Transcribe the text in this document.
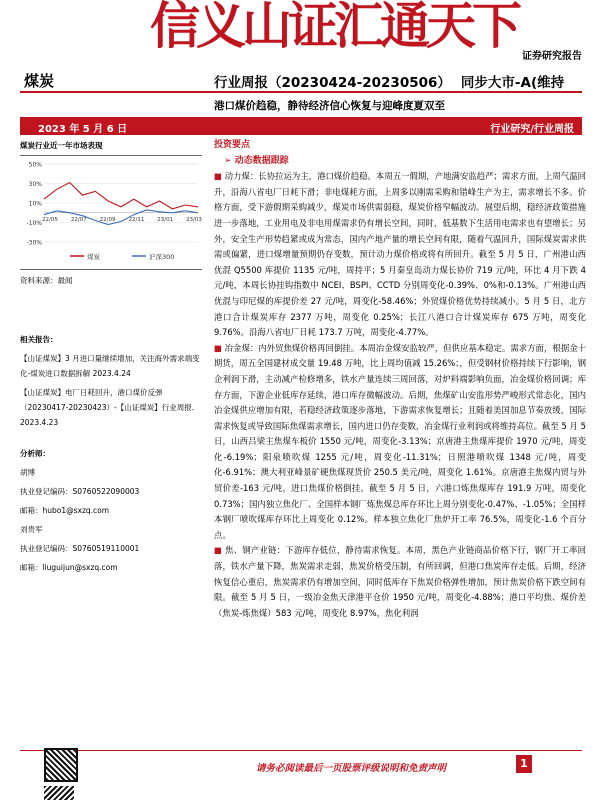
信义山证汇通天下
证券研究报告
煤炭	行业周报（20230424-20230506） 同步大市-A(维持
港口煤价趋稳，静待经济信心恢复与迎峰度夏双至
2023 年 5 月 6 日	行业研究/行业周报
煤炭行业近一年市场表现
50%
30%
10%
-10%
-30%
22/05 22/07 22/09 22/11 23/01 23/03
煤炭	沪深300
资料来源：最闻
相关报告：
【山证煤炭】3 月进口量继续增加，关注海外需求端变化-煤炭进口数据拆解 2023.4.24
【山证煤炭】电厂日耗回升，港口煤价反弹（20230417-20230423）-【山证煤炭】行业周报. 2023.4.23
分析师：
胡博
执业登记编码：S0760522090003
邮箱：hubo1@sxzq.com
刘贵军
执业登记编码：S0760519110001
邮箱：liuguijun@sxzq.com
投资要点
➢ 动态数据跟踪

■ 动力煤：长协拉运为主，港口煤价趋稳。本周五一假期，产地满安监趋严；需求方面，上周气温回升，沿海八省电厂日耗下滑；非电煤耗方面，上周多以刚需采购和错峰生产为主，需求增长不多。价格方面，受下游假期采购减少，煤炭市场供需弱稳，煤炭价格窄幅波动。展望后期，稳经济政策措施进一步落地，工业用电及非电用煤需求仍有增长空间，同时，低基数下生活用电需求也有望增长；另外，安全生产形势趋紧或成为常态，国内产地产量的增长空间有限，随着气温回升，国际煤炭需求供需或偏紧，进口煤增量预期仍存变数，预计动力煤价格或将有所回升。截至 5 月 5 日，广州港山西优混 Q5500 库提价 1135 元/吨，周持平；5 月秦皇岛动力煤长协价 719 元/吨，环比 4 月下跌 4 元/吨，本周长协挂钩指数中 NCEI、BSPI、CCTD 分别周变化-0.39%、0%和-0.13%。广州港山西优混与印尼煤的库提价差 27 元/吨，周变化-58.46%；外贸煤价格优势持续减小。5 月 5 日，北方港口合计煤炭库存 2377 万吨，周变化 0.25%；长江八港口合计煤炭库存 675 万吨，周变化 9.76%。沿海八省电厂日耗 173.7 万吨，周变化-4.77%。

■ 冶金煤：内外贸焦煤价格再回倒挂。本周冶金煤安监较严，但供应基本稳定。需求方面，根据金十期货，周五全国建材成交量 19.48 万吨，比上周均值减 15.26%；，但受钢材价格持续下行影响，钢企利润下滑，主动减产检修增多，铁水产量连续三周回落，对炉料端影响负面，冶金煤价格回调；库存方面，下游企业低库存延续，港口库存微幅波动。后期，焦煤矿山安监形势严峻形式常态化，国内冶金煤供应增加有限，若稳经济政策逐步落地，下游需求恢复增长；且随着美国加息节奏放缓，国际需求恢复或导致国际焦煤需求增长，国内进口仍存变数，冶金煤行业利润或将维持高位。截至 5 月 5 日，山西吕梁主焦煤车板价 1550 元/吨，周变化-3.13%；京唐港主焦煤库提价 1970 元/吨，周变化-6.19%；阳泉喷吹煤 1255 元/吨，周变化-11.31%；日照港喷吹煤 1348 元/吨，周变化-6.91%；澳大利亚峰景矿硬焦煤现货价 250.5 美元/吨，周变化 1.61%。京唐港主焦煤内贸与外贸价差-163 元/吨，进口焦煤价格倒挂。截至 5 月 5 日，六港口炼焦煤库存 191.9 万吨，周变化 0.73%；国内独立焦化厂、全国样本钢厂炼焦煤总库存环比上周分别变化-0.47%、-1.05%；全国样本钢厂喷吹煤库存环比上周变化 0.12%。样本独立焦化厂焦炉开工率 76.5%，周变化-1.6 个百分点。

■ 焦、钢产业链：下游库存低位，静待需求恢复。本周，黑色产业链商品价格下行，钢厂开工率回落，铁水产量下降，焦炭需求走弱，焦炭价格受压制，有所回调，但港口焦炭库存走低。后期，经济恢复信心重启，焦炭需求仍有增加空间，同时低库存下焦炭价格弹性增加，预计焦炭价格下跌空间有限。截至 5 月 5 日，一级冶金焦天津港平仓价 1950 元/吨，周变化-4.88%；港口平均焦、煤价差（焦炭-炼焦煤）583 元/吨，周变化 8.97%，焦化利润

请务必阅读最后一页股票评级说明和免责声明	1
